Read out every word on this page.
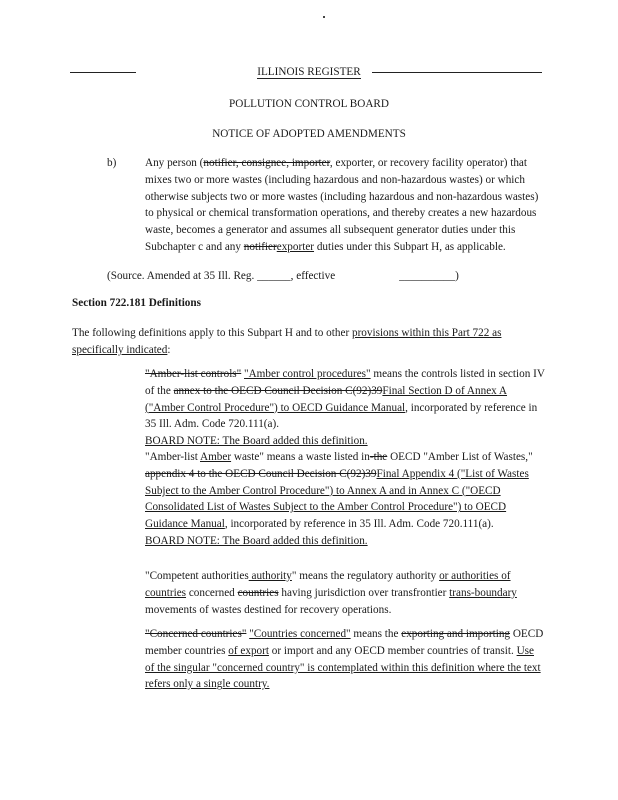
ILLINOIS REGISTER
POLLUTION CONTROL BOARD
NOTICE OF ADOPTED AMENDMENTS
b)	Any person (notifier, consignee, importer, exporter, or recovery facility operator) that mixes two or more wastes (including hazardous and non-hazardous wastes) or which otherwise subjects two or more wastes (including hazardous and non-hazardous wastes) to physical or chemical transformation operations, and thereby creates a new hazardous waste, becomes a generator and assumes all subsequent generator duties under this Subchapter c and any notifierexporter duties under this Subpart H, as applicable.
(Source. Amended at 35 Ill. Reg. ______, effective	__________)
Section 722.181 Definitions
The following definitions apply to this Subpart H and to other provisions within this Part 722 as specifically indicated:
"Amber-list controls" "Amber control procedures" means the controls listed in section IV of the annex to the OECD Council Decision C(92)39Final Section D of Annex A ("Amber Control Procedure") to OECD Guidance Manual, incorporated by reference in 35 Ill. Adm. Code 720.111(a).
BOARD NOTE: The Board added this definition.
"Amber-list Amber waste" means a waste listed in-the OECD "Amber List of Wastes," appendix 4 to the OECD Council Decision C(92)39Final Appendix 4 ("List of Wastes Subject to the Amber Control Procedure") to Annex A and in Annex C ("OECD Consolidated List of Wastes Subject to the Amber Control Procedure") to OECD Guidance Manual, incorporated by reference in 35 Ill. Adm. Code 720.111(a).
BOARD NOTE: The Board added this definition.
"Competent authorities authority" means the regulatory authority or authorities of countries concerned countries having jurisdiction over transfrontier trans-boundary movements of wastes destined for recovery operations.
"Concerned countries" "Countries concerned" means the exporting and importing OECD member countries of export or import and any OECD member countries of transit. Use of the singular "concerned country" is contemplated within this definition where the text refers only a single country.
